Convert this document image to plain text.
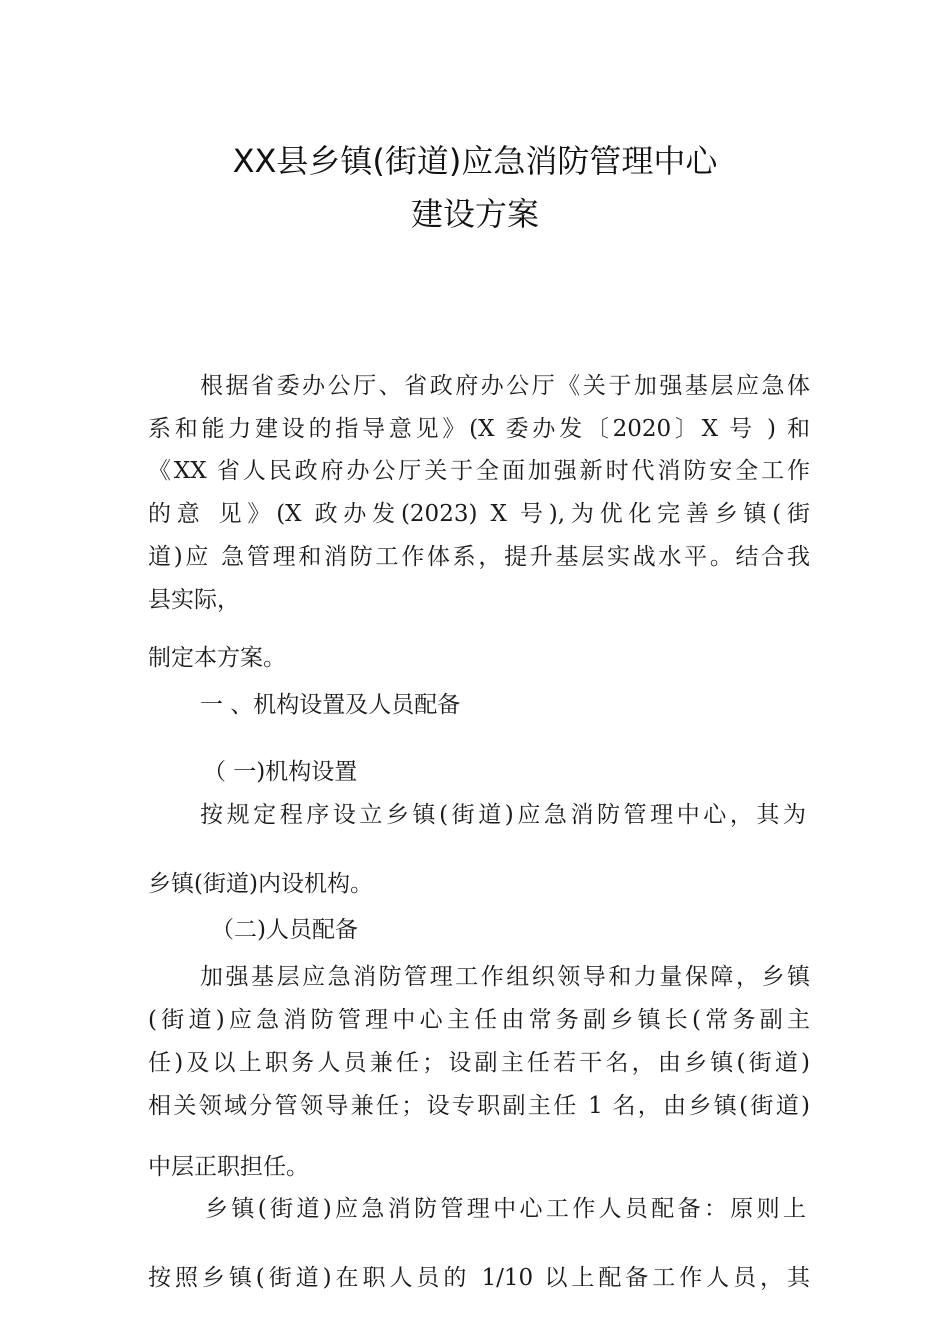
XX县乡镇(街道)应急消防管理中心
建设方案
根据省委办公厅、省政府办公厅《关于加强基层应急体
系和能力建设的指导意见》(X 委办发〔2020〕X 号 ) 和
《XX 省人民政府办公厅关于全面加强新时代消防安全工作
的意 见》(X 政办发(2023) X 号),为优化完善乡镇(街
道)应 急管理和消防工作体系，提升基层实战水平。结合我
县实际，
制定本方案。
一 、机构设置及人员配备
（ 一)机构设置
按规定程序设立乡镇(街道)应急消防管理中心，其为
乡镇(街道)内设机构。
（二)人员配备
加强基层应急消防管理工作组织领导和力量保障，乡镇
(街道)应急消防管理中心主任由常务副乡镇长(常务副主
任)及以上职务人员兼任；设副主任若干名，由乡镇(街道)
相关领域分管领导兼任；设专职副主任 1 名，由乡镇(街道)
中层正职担任。
乡镇(街道)应急消防管理中心工作人员配备：原则上
按照乡镇(街道)在职人员的 1/10 以上配备工作人员，其
